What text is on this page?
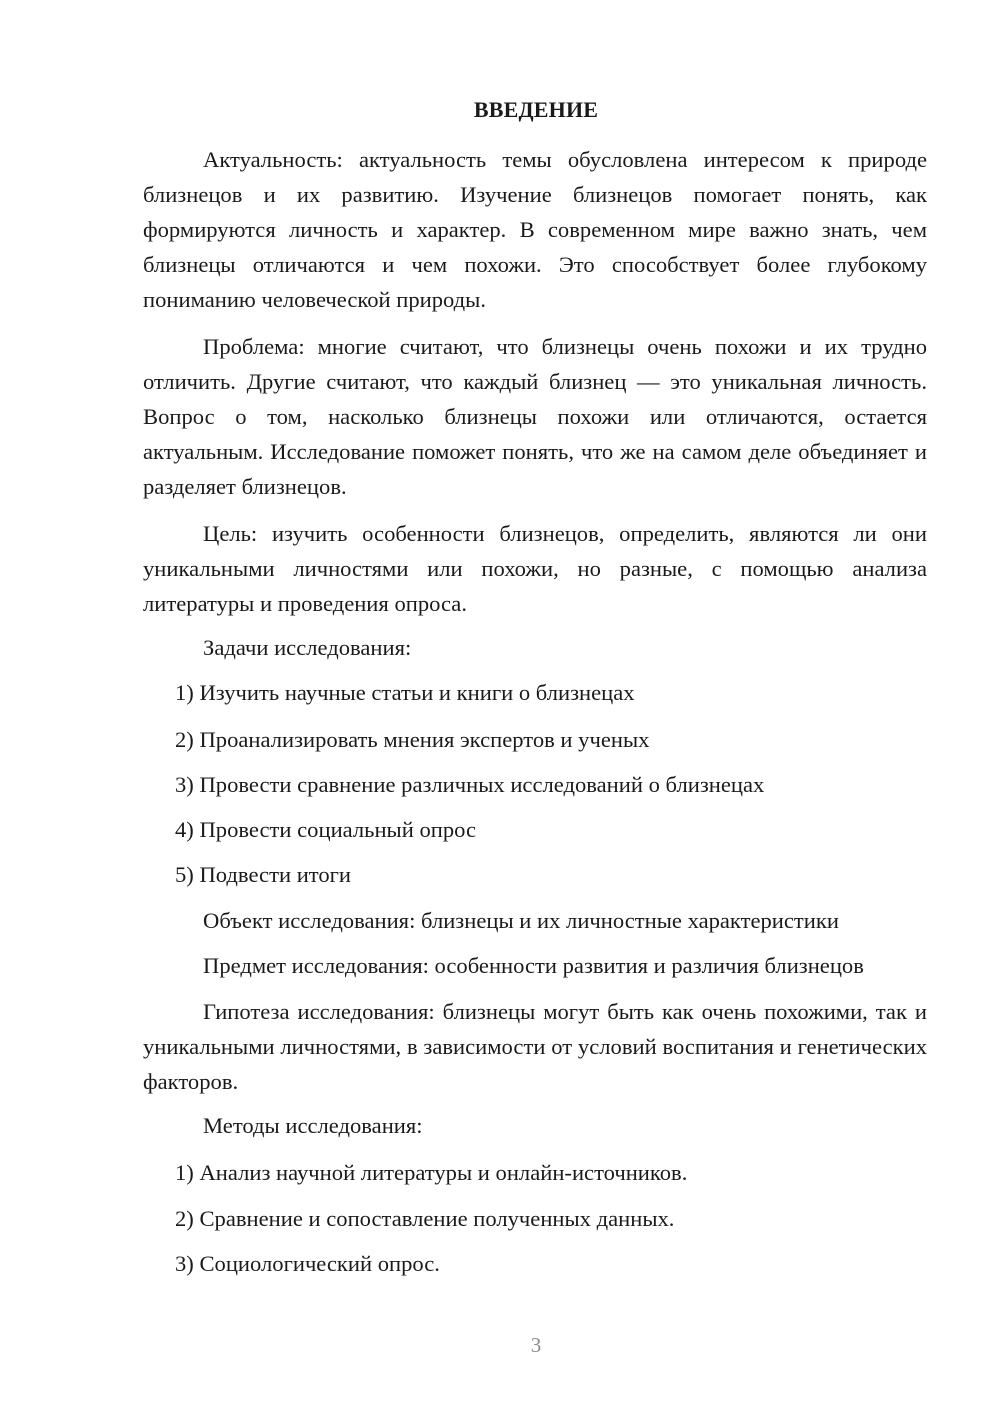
ВВЕДЕНИЕ

Актуальность: актуальность темы обусловлена интересом к природе близнецов и их развитию. Изучение близнецов помогает понять, как формируются личность и характер. В современном мире важно знать, чем близнецы отличаются и чем похожи. Это способствует более глубокому пониманию человеческой природы.

Проблема: многие считают, что близнецы очень похожи и их трудно отличить. Другие считают, что каждый близнец — это уникальная личность. Вопрос о том, насколько близнецы похожи или отличаются, остается актуальным. Исследование поможет понять, что же на самом деле объединяет и разделяет близнецов.

Цель: изучить особенности близнецов, определить, являются ли они уникальными личностями или похожи, но разные, с помощью анализа литературы и проведения опроса.

Задачи исследования:
1) Изучить научные статьи и книги о близнецах
2) Проанализировать мнения экспертов и ученых
3) Провести сравнение различных исследований о близнецах
4) Провести социальный опрос
5) Подвести итоги
Объект исследования: близнецы и их личностные характеристики
Предмет исследования: особенности развития и различия близнецов

Гипотеза исследования: близнецы могут быть как очень похожими, так и уникальными личностями, в зависимости от условий воспитания и генетических факторов.

Методы исследования:
1) Анализ научной литературы и онлайн-источников.
2) Сравнение и сопоставление полученных данных.
3) Социологический опрос.
3
